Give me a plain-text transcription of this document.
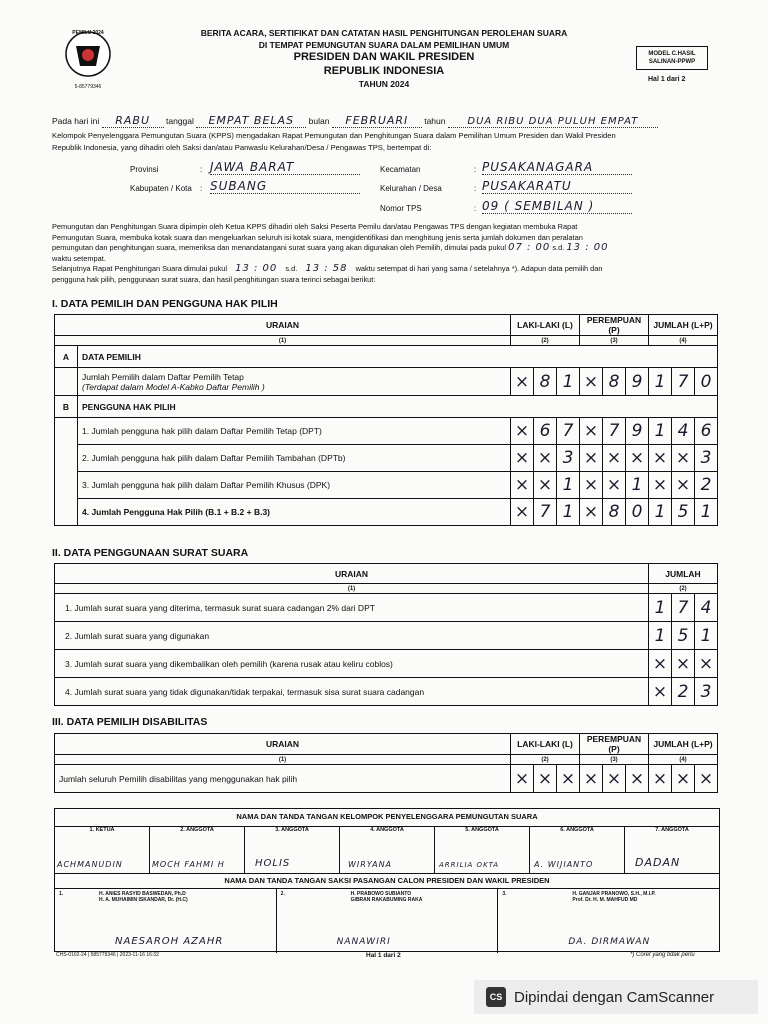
PEMILU 2024
5-85779346
BERITA ACARA, SERTIFIKAT DAN CATATAN HASIL PENGHITUNGAN PEROLEHAN SUARA
DI TEMPAT PEMUNGUTAN SUARA DALAM PEMILIHAN UMUM
PRESIDEN DAN WAKIL PRESIDEN
REPUBLIK INDONESIA
TAHUN 2024
MODEL C.HASIL
SALINAN-PPWP
Hal 1 dari 2
Pada hari ini RABU tanggal EMPAT BELAS bulan FEBRUARI tahun DUA RIBU DUA PULUH EMPAT
Kelompok Penyelenggara Pemungutan Suara (KPPS) mengadakan Rapat Pemungutan dan Penghitungan Suara dalam Pemilihan Umum Presiden dan Wakil Presiden
Republik Indonesia, yang dihadiri oleh Saksi dan/atau Panwaslu Kelurahan/Desa / Pengawas TPS, bertempat di:
Provinsi	: JAWA BARAT
Kabupaten / Kota : SUBANG
Kecamatan	: PUSAKANAGARA
Kelurahan / Desa	: PUSAKARATU
Nomor TPS	: 09 ( SEMBILAN )
Pemungutan dan Penghitungan Suara dipimpin oleh Ketua KPPS dihadiri oleh Saksi Peserta Pemilu dan/atau Pengawas TPS dengan kegiatan membuka Rapat
Pemungutan Suara, membuka kotak suara dan mengeluarkan seluruh isi kotak suara, mengidentifikasi dan menghitung jenis serta jumlah dokumen dan peralatan
pemungutan dan penghitungan suara, memeriksa dan menandatangani surat suara yang akan digunakan oleh Pemilih, dimulai pada pukul 07 : 00 s.d. 13 : 00
waktu setempat.
Selanjutnya Rapat Penghitungan Suara dimulai pukul 13 : 00 s.d. 13 : 58 waktu setempat di hari yang sama / setelahnya *). Adapun data pemilih dan
pengguna hak pilih, penggunaan surat suara, dan hasil penghitungan suara terinci sebagai berikut:
I. DATA PEMILIH DAN PENGGUNA HAK PILIH
URAIAN		LAKI-LAKI (L)			PEREMPUAN (P)			JUMLAH (L+P)		
(1)		(2)			(3)			(4)		
A	DATA PEMILIH									

	Jumlah Pemilih dalam Daftar Pemilih Tetap
(Terdapat dalam Model A-Kabko Daftar Pemilih )	×	8	1	×	8	9	1	7	0
B	PENGGUNA HAK PILIH									
	1. Jumlah pengguna hak pilih dalam Daftar Pemilih Tetap (DPT)	×	6	7	×	7	9	1	4	6
	2. Jumlah pengguna hak pilih dalam Daftar Pemilih Tambahan (DPTb)	×	×	3	×	×	×	×	×	3
	3. Jumlah pengguna hak pilih dalam Daftar Pemilih Khusus (DPK)	×	×	1	×	×	1	×	×	2
	4. Jumlah Pengguna Hak Pilih (B.1 + B.2 + B.3)	×	7	1	×	8	0	1	5	1
II. DATA PENGGUNAAN SURAT SUARA
URAIAN	JUMLAH		
(1)	(2)		
1. Jumlah surat suara yang diterima, termasuk surat suara cadangan 2% dari DPT	1	7	4
2. Jumlah surat suara yang digunakan	1	5	1
3. Jumlah surat suara yang dikembalikan oleh pemilih (karena rusak atau keliru coblos)	×	×	×
4. Jumlah surat suara yang tidak digunakan/tidak terpakai, termasuk sisa surat suara cadangan	×	2	3
III. DATA PEMILIH DISABILITAS
URAIAN	LAKI-LAKI (L)			PEREMPUAN (P)			JUMLAH (L+P)		
(1)	(2)			(3)			(4)		
Jumlah seluruh Pemilih disabilitas yang menggunakan hak pilih	×	×	×	×	×	×	×	×	×
NAMA DAN TANDA TANGAN KELOMPOK PENYELENGGARA PEMUNGUTAN SUARA
1. KETUA
ACHMANUDIN
2. ANGGOTA
MOCH FAHMI H
3. ANGGOTA
HOLIS
4. ANGGOTA
WIRYANA
5. ANGGOTA
ARRILIA OKTA
6. ANGGOTA
A. WIJIANTO
7. ANGGOTA
DADAN
NAMA DAN TANDA TANGAN SAKSI PASANGAN CALON PRESIDEN DAN WAKIL PRESIDEN
1.	H. ANIES RASYID BASWEDAN, Ph.D
H. A. MUHAIMIN ISKANDAR, Dr. (H.C)
NAESAROH AZAHR
2.	H. PRABOWO SUBIANTO
GIBRAN RAKABUMING RAKA
NANAWIRI
3.	H. GANJAR PRANOWO, S.H., M.I.P.
Prof. Dr. H. M. MAHFUD MD
DA. DIRMAWAN
CHS-0102-24 | 585779346 | 2023-11-16 16:32	Hal 1 dari 2	*) Coret yang tidak perlu
CS Dipindai dengan CamScanner
